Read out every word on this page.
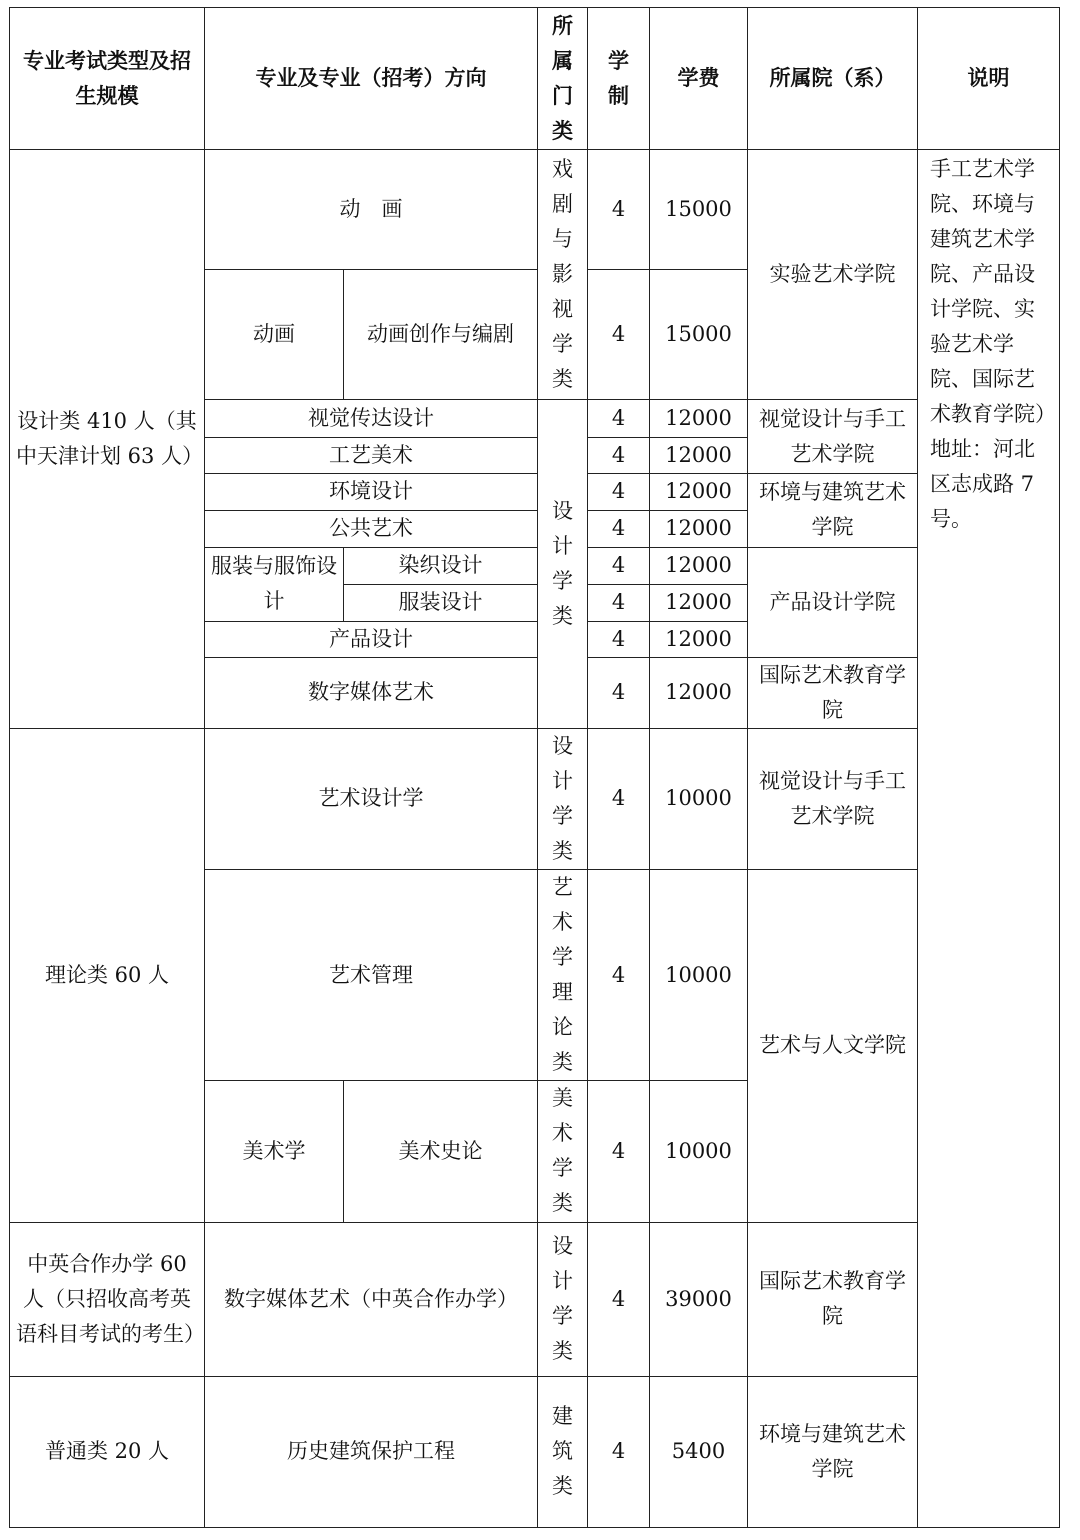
专业考试类型及招生规模	专业及专业（招考）方向		所属门类	学制	学费	所属院（系）	说明
设计类 410 人（其中天津计划 63 人）	动　画		戏剧与影视学类	4	15000	实验艺术学院	手工艺术学院、环境与建筑艺术学院、产品设计学院、实验艺术学院、国际艺术教育学院）地址：河北区志成路 7 号。
	动画	动画创作与编剧		4	15000		
	视觉传达设计		设计学类	4	12000	视觉设计与手工艺术学院	
	工艺美术			4	12000		
	环境设计			4	12000	环境与建筑艺术学院	
	公共艺术			4	12000		
	服装与服饰设计	染织设计		4	12000	产品设计学院	
		服装设计		4	12000		
	产品设计			4	12000		
	数字媒体艺术			4	12000	国际艺术教育学院	
理论类 60 人	艺术设计学		设计学类	4	10000	视觉设计与手工艺术学院	
	艺术管理		艺术学理论类	4	10000	艺术与人文学院	
	美术学	美术史论	美术学类	4	10000		
中英合作办学 60 人（只招收高考英语科目考试的考生）	数字媒体艺术（中英合作办学）		设计学类	4	39000	国际艺术教育学院	
普通类 20 人	历史建筑保护工程		建筑类	4	5400	环境与建筑艺术学院	
